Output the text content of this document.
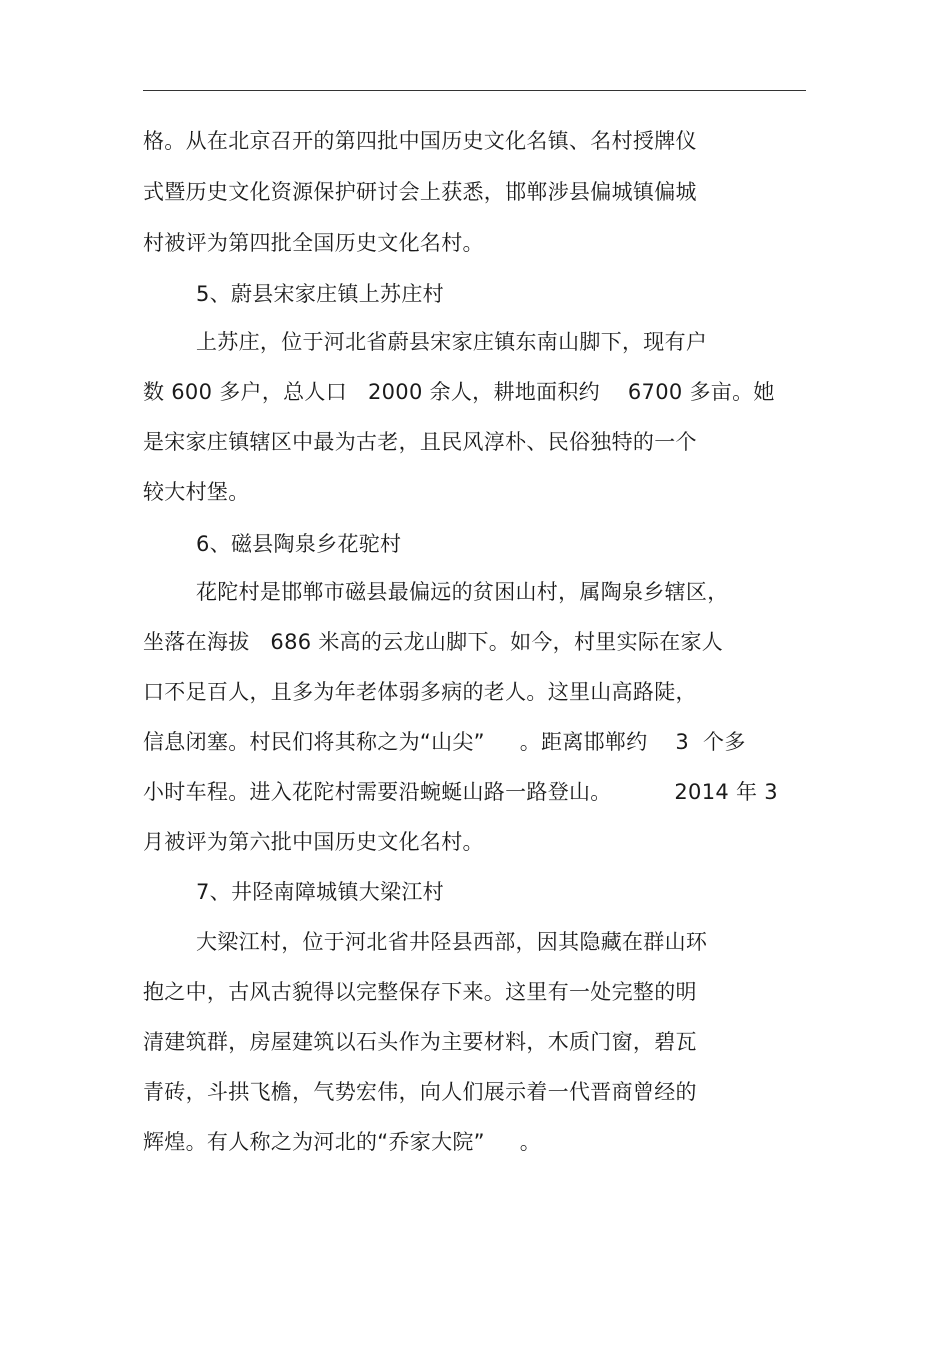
格。从在北京召开的第四批中国历史文化名镇、名村授牌仪
式暨历史文化资源保护研讨会上获悉，邯郸涉县偏城镇偏城
村被评为第四批全国历史文化名村。
5、蔚县宋家庄镇上苏庄村
上苏庄，位于河北省蔚县宋家庄镇东南山脚下，现有户
数 600 多户，总人口   2000 余人，耕地面积约    6700 多亩。她
是宋家庄镇辖区中最为古老，且民风淳朴、民俗独特的一个
较大村堡。
6、磁县陶泉乡花驼村
花陀村是邯郸市磁县最偏远的贫困山村，属陶泉乡辖区，
坐落在海拔   686 米高的云龙山脚下。如今，村里实际在家人
口不足百人，且多为年老体弱多病的老人。这里山高路陡，
信息闭塞。村民们将其称之为“山尖”     。距离邯郸约    3  个多
小时车程。进入花陀村需要沿蜿蜒山路一路登山。         2014 年 3
月被评为第六批中国历史文化名村。
7、井陉南障城镇大梁江村
大梁江村，位于河北省井陉县西部，因其隐藏在群山环
抱之中，古风古貌得以完整保存下来。这里有一处完整的明
清建筑群，房屋建筑以石头作为主要材料，木质门窗，碧瓦
青砖，斗拱飞檐，气势宏伟，向人们展示着一代晋商曾经的
辉煌。有人称之为河北的“乔家大院”     。
